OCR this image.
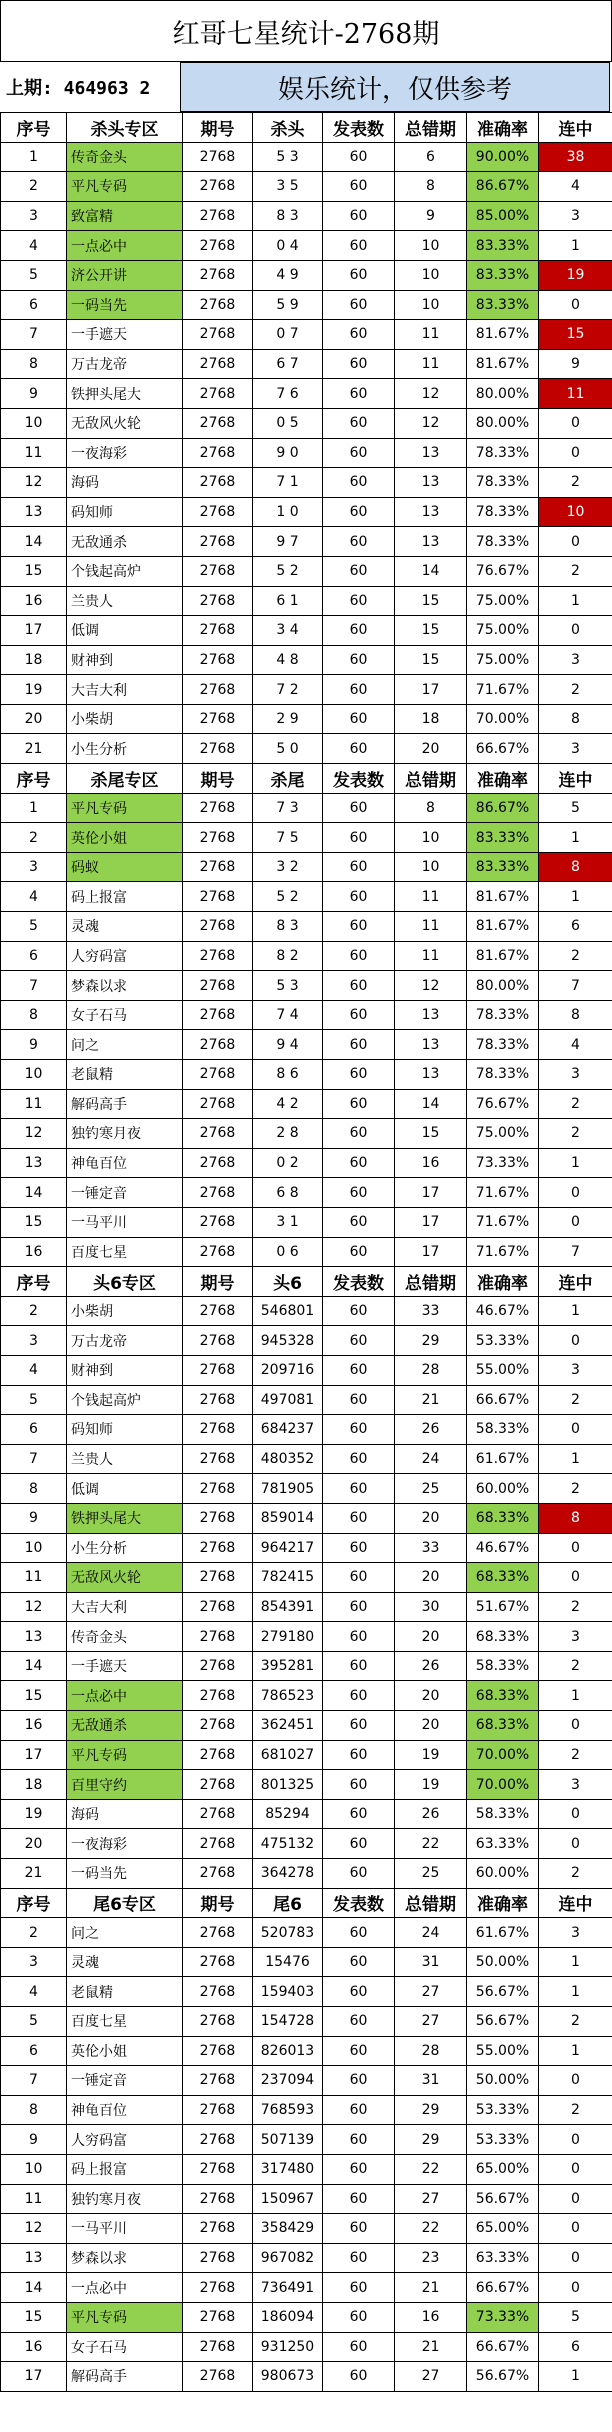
红哥七星统计-2768期
上期: 464963 2	娱乐统计，仅供参考
序号	杀头专区	期号	杀头	发表数	总错期	准确率	连中
1	传奇金头	2768	5 3	60	6	90.00%	38
2	平凡专码	2768	3 5	60	8	86.67%	4
3	致富精	2768	8 3	60	9	85.00%	3
4	一点必中	2768	0 4	60	10	83.33%	1
5	济公开讲	2768	4 9	60	10	83.33%	19
6	一码当先	2768	5 9	60	10	83.33%	0
7	一手遮天	2768	0 7	60	11	81.67%	15
8	万古龙帝	2768	6 7	60	11	81.67%	9
9	铁押头尾大	2768	7 6	60	12	80.00%	11
10	无敌风火轮	2768	0 5	60	12	80.00%	0
11	一夜海彩	2768	9 0	60	13	78.33%	0
12	海码	2768	7 1	60	13	78.33%	2
13	码知师	2768	1 0	60	13	78.33%	10
14	无敌通杀	2768	9 7	60	13	78.33%	0
15	个钱起高炉	2768	5 2	60	14	76.67%	2
16	兰贵人	2768	6 1	60	15	75.00%	1
17	低调	2768	3 4	60	15	75.00%	0
18	财神到	2768	4 8	60	15	75.00%	3
19	大吉大利	2768	7 2	60	17	71.67%	2
20	小柴胡	2768	2 9	60	18	70.00%	8
21	小生分析	2768	5 0	60	20	66.67%	3
序号	杀尾专区	期号	杀尾	发表数	总错期	准确率	连中
1	平凡专码	2768	7 3	60	8	86.67%	5
2	英伦小姐	2768	7 5	60	10	83.33%	1
3	码蚁	2768	3 2	60	10	83.33%	8
4	码上报富	2768	5 2	60	11	81.67%	1
5	灵魂	2768	8 3	60	11	81.67%	6
6	人穷码富	2768	8 2	60	11	81.67%	2
7	梦森以求	2768	5 3	60	12	80.00%	7
8	女子石马	2768	7 4	60	13	78.33%	8
9	问之	2768	9 4	60	13	78.33%	4
10	老鼠精	2768	8 6	60	13	78.33%	3
11	解码高手	2768	4 2	60	14	76.67%	2
12	独钓寒月夜	2768	2 8	60	15	75.00%	2
13	神龟百位	2768	0 2	60	16	73.33%	1
14	一锤定音	2768	6 8	60	17	71.67%	0
15	一马平川	2768	3 1	60	17	71.67%	0
16	百度七星	2768	0 6	60	17	71.67%	7
序号	头6专区	期号	头6	发表数	总错期	准确率	连中
2	小柴胡	2768	546801	60	33	46.67%	1
3	万古龙帝	2768	945328	60	29	53.33%	0
4	财神到	2768	209716	60	28	55.00%	3
5	个钱起高炉	2768	497081	60	21	66.67%	2
6	码知师	2768	684237	60	26	58.33%	0
7	兰贵人	2768	480352	60	24	61.67%	1
8	低调	2768	781905	60	25	60.00%	2
9	铁押头尾大	2768	859014	60	20	68.33%	8
10	小生分析	2768	964217	60	33	46.67%	0
11	无敌风火轮	2768	782415	60	20	68.33%	0
12	大吉大利	2768	854391	60	30	51.67%	2
13	传奇金头	2768	279180	60	20	68.33%	3
14	一手遮天	2768	395281	60	26	58.33%	2
15	一点必中	2768	786523	60	20	68.33%	1
16	无敌通杀	2768	362451	60	20	68.33%	0
17	平凡专码	2768	681027	60	19	70.00%	2
18	百里守约	2768	801325	60	19	70.00%	3
19	海码	2768	85294	60	26	58.33%	0
20	一夜海彩	2768	475132	60	22	63.33%	0
21	一码当先	2768	364278	60	25	60.00%	2
序号	尾6专区	期号	尾6	发表数	总错期	准确率	连中
2	问之	2768	520783	60	24	61.67%	3
3	灵魂	2768	15476	60	31	50.00%	1
4	老鼠精	2768	159403	60	27	56.67%	1
5	百度七星	2768	154728	60	27	56.67%	2
6	英伦小姐	2768	826013	60	28	55.00%	1
7	一锤定音	2768	237094	60	31	50.00%	0
8	神龟百位	2768	768593	60	29	53.33%	2
9	人穷码富	2768	507139	60	29	53.33%	0
10	码上报富	2768	317480	60	22	65.00%	0
11	独钓寒月夜	2768	150967	60	27	56.67%	0
12	一马平川	2768	358429	60	22	65.00%	0
13	梦森以求	2768	967082	60	23	63.33%	0
14	一点必中	2768	736491	60	21	66.67%	0
15	平凡专码	2768	186094	60	16	73.33%	5
16	女子石马	2768	931250	60	21	66.67%	6
17	解码高手	2768	980673	60	27	56.67%	1
